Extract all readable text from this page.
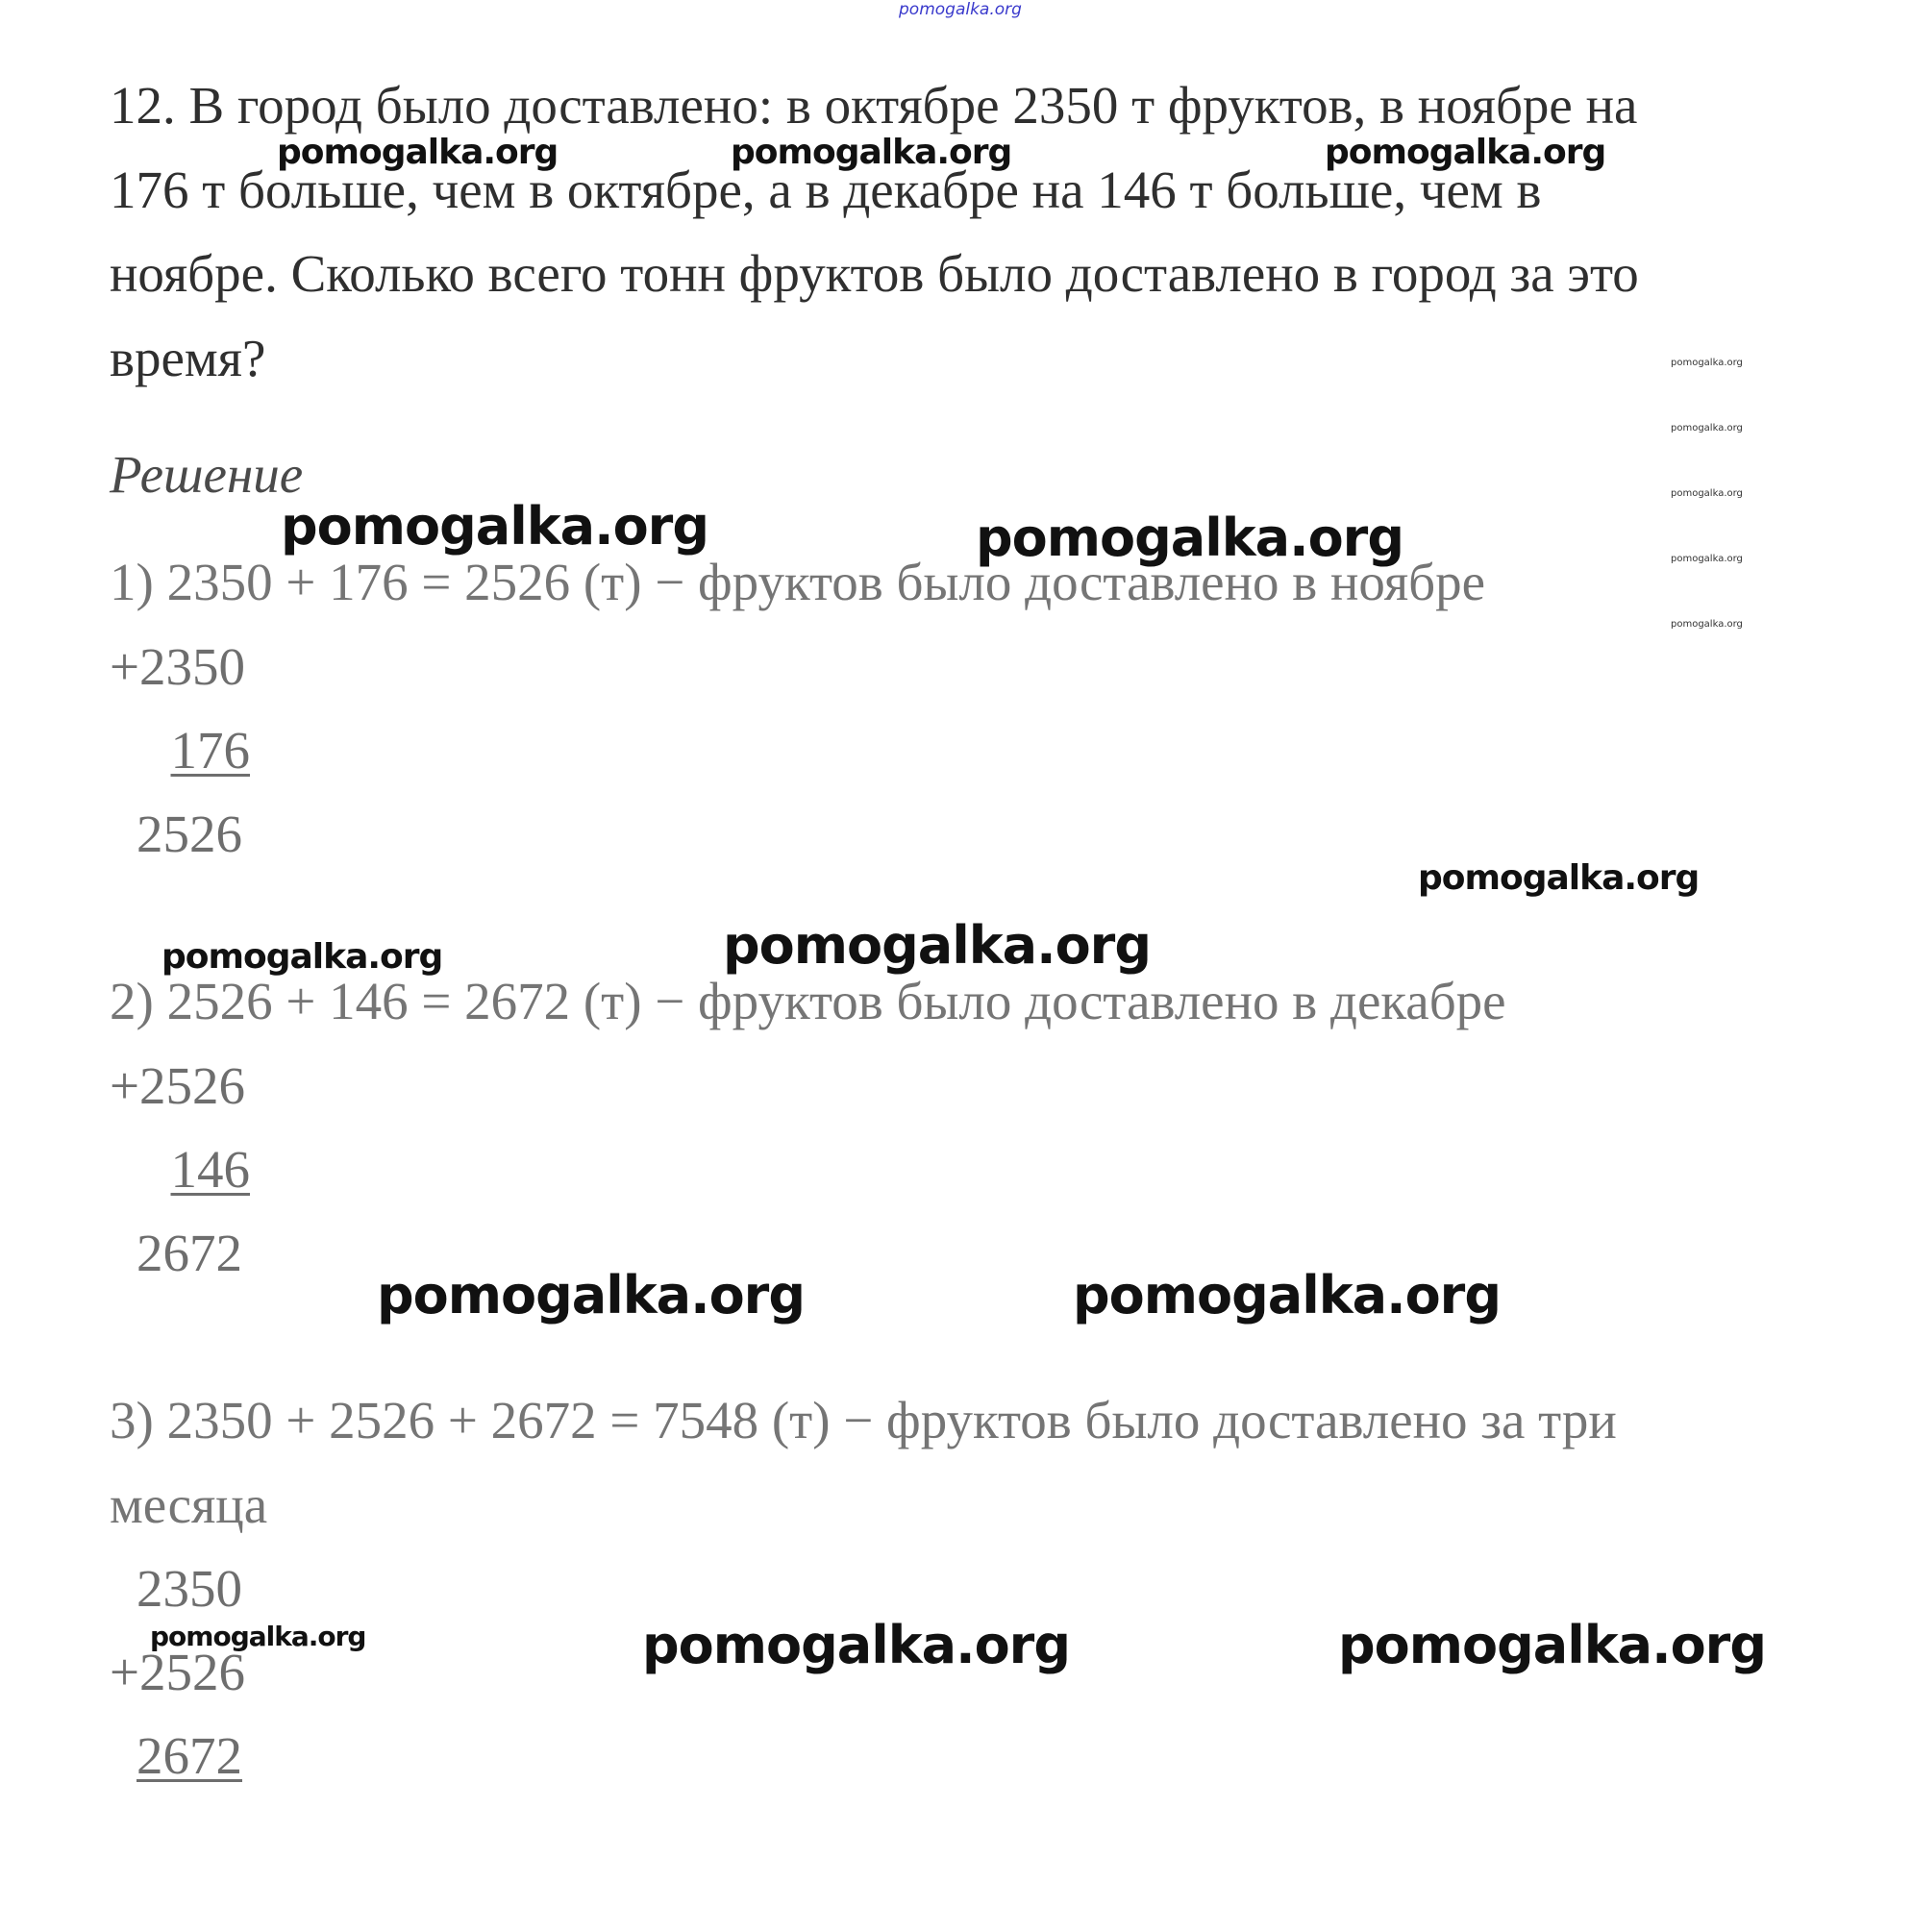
pomogalka.org
12. В город было доставлено: в октябре 2350 т фруктов, в ноябре на
176 т больше, чем в октябре, а в декабре на 146 т больше, чем в
ноябре. Сколько всего тонн фруктов было доставлено в город за это
время?
Решение
1) 2350 + 176 = 2526 (т) − фруктов было доставлено в ноябре
+2350
176
2526
2) 2526 + 146 = 2672 (т) − фруктов было доставлено в декабре
+2526
146
2672
3) 2350 + 2526 + 2672 = 7548 (т) − фруктов было доставлено за три
месяца
2350
+2526
2672
pomogalka.org	pomogalka.org	pomogalka.org
pomogalka.org
pomogalka.org
pomogalka.org
pomogalka.org
pomogalka.org
pomogalka.org	pomogalka.org
pomogalka.org
pomogalka.org	pomogalka.org
pomogalka.org	pomogalka.org
pomogalka.org	pomogalka.org	pomogalka.org
